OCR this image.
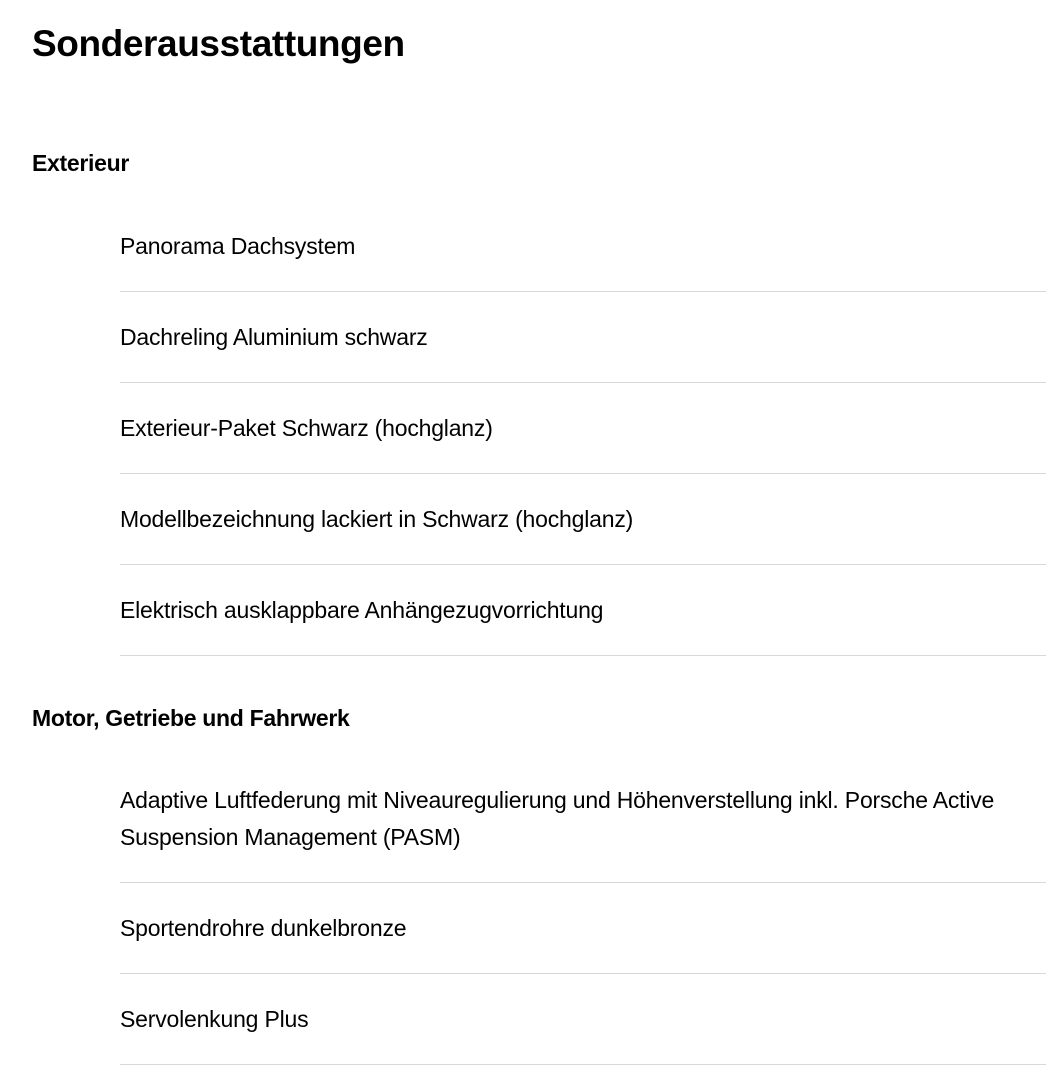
Sonderausstattungen
Exterieur
Panorama Dachsystem
Dachreling Aluminium schwarz
Exterieur-Paket Schwarz (hochglanz)
Modellbezeichnung lackiert in Schwarz (hochglanz)
Elektrisch ausklappbare Anhängezugvorrichtung
Motor, Getriebe und Fahrwerk
Adaptive Luftfederung mit Niveauregulierung und Höhenverstellung inkl. Porsche Active Suspension Management (PASM)
Sportendrohre dunkelbronze
Servolenkung Plus
